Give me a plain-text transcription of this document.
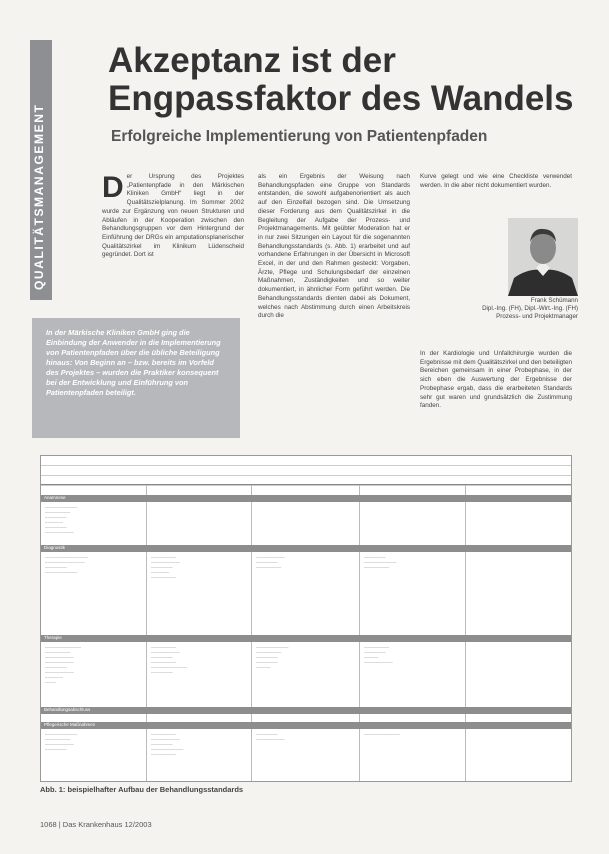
QUALITÄTSMANAGEMENT
Akzeptanz ist der
Engpassfaktor des Wandels
Erfolgreiche Implementierung von Patientenpfaden
D er Ursprung des Projektes „Patientenpfade in den Märkischen Kliniken GmbH“ liegt in der Qualitätszielplanung. Im Sommer 2002 wurde zur Ergänzung von neuen Strukturen und Abläufen in der Kooperation zwischen den Behandlungsgruppen vor dem Hintergrund der Einführung der DRGs ein amputationsplanerischer Qualitätszirkel im Klinikum Lüdenscheid gegründet. Dort ist
In der Märkische Kliniken GmbH ging die Einbindung der Anwender in die Implementierung von Patientenpfaden über die übliche Beteiligung hinaus: Von Beginn an – bzw. bereits im Vorfeld des Projektes – wurden die Praktiker konsequent bei der Entwicklung und Einführung von Patientenpfaden beteiligt.
als ein Ergebnis der Weisung nach Behandlungspfaden eine Gruppe von Standards entstanden, die sowohl aufgabenorientiert als auch auf den Einzelfall bezogen sind. Die Umsetzung dieser Forderung aus dem Qualitätszirkel in die Begleitung der Aufgabe der Prozess- und Projektmanagements. Mit geübter Moderation hat er in nur zwei Sitzungen ein Layout für die sogenannten Behandlungsstandards (s. Abb. 1) erarbeitet und auf vorhandene Erfahrungen in der Übersicht in Microsoft Excel, in der und den Rahmen gesteckt: Vorgaben, Ärzte, Pflege und Schulungsbedarf der einzelnen Maßnahmen, Zuständigkeiten und so weiter dokumentiert, in ähnlicher Form geführt werden. Die Behandlungsstandards dienten dabei als Dokument, welches nach Abstimmung durch einen Arbeitskreis durch die
Kurve gelegt und wie eine Checkliste verwendet werden. In die aber nicht dokumentiert wurden.
Frank Schümann
Dipl.-Ing. (FH), Dipl.-Wirt.-Ing. (FH)
Prozess- und Projektmanager
In der Kardiologie und Unfallchirurgie wurden die Ergebnisse mit dem Qualitätszirkel und den beteiligten Bereichen gemeinsam in einer Probephase, in der sich eben die Auswertung der Ergebnisse der Probephase ergab, dass die erarbeiteten Standards sehr gut waren und grundsätzlich die Zustimmung fanden.
Anamnese
—————————
———————
——————
—————
——————
————————
Diagnostik
————————————
———————————
——————
—————————
———————
————————
——————
—————
———————
————————
——————
———————
——————
—————————
———————
Therapie
——————————
———————
————————
————————
——————
————————
—————
———
———————
————————
——————
———————
——————————
——————
—————————
———————
——————
——————
————
———————
——————
————
————————
Behandlungsabschluss
Pflegerische Maßnahmen
—————————
———————
————————
——————
———————
————————
——————
—————————
———————
——————
————————
——————————
Abb. 1: beispielhafter Aufbau der Behandlungsstandards
1068 | Das Krankenhaus 12/2003
